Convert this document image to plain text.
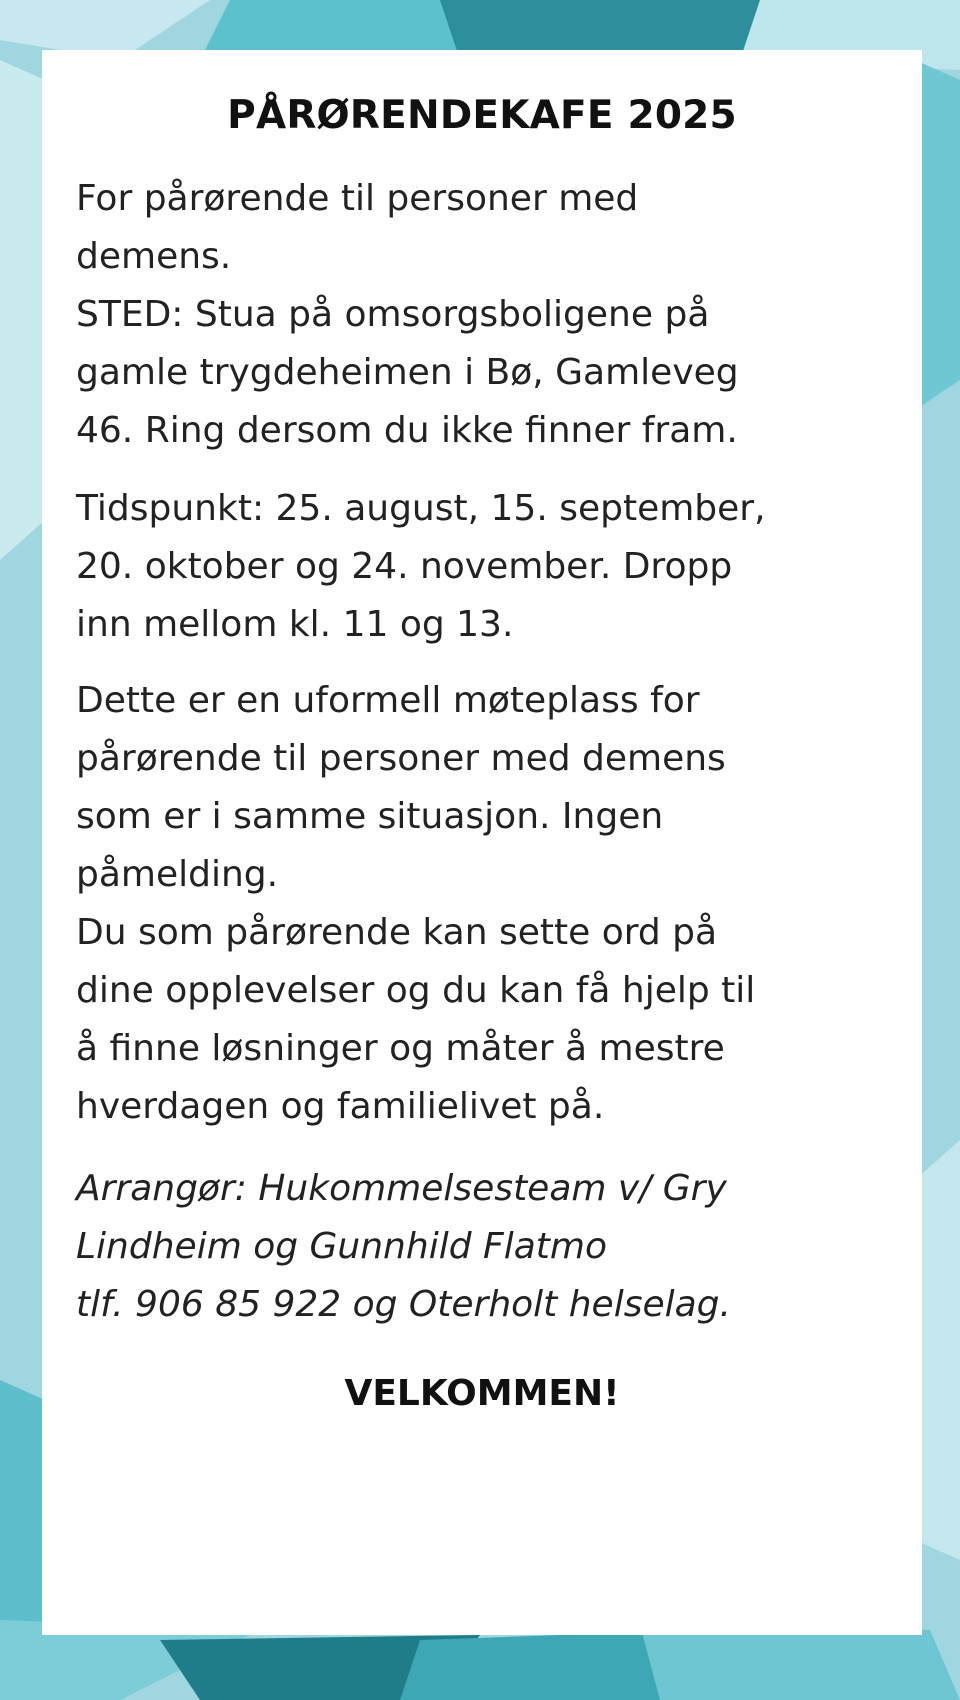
PÅRØRENDEKAFE 2025

For pårørende til personer med
demens.
STED: Stua på omsorgsboligene på
gamle trygdeheimen i Bø, Gamleveg
46. Ring dersom du ikke finner fram.

Tidspunkt: 25. august, 15. september,
20. oktober og 24. november. Dropp
inn mellom kl. 11 og 13.

Dette er en uformell møteplass for
pårørende til personer med demens
som er i samme situasjon. Ingen
påmelding.
Du som pårørende kan sette ord på
dine opplevelser og du kan få hjelp til
å finne løsninger og måter å mestre
hverdagen og familielivet på.

Arrangør: Hukommelsesteam v/ Gry
Lindheim og Gunnhild Flatmo
tlf. 906 85 922 og Oterholt helselag.

VELKOMMEN!
